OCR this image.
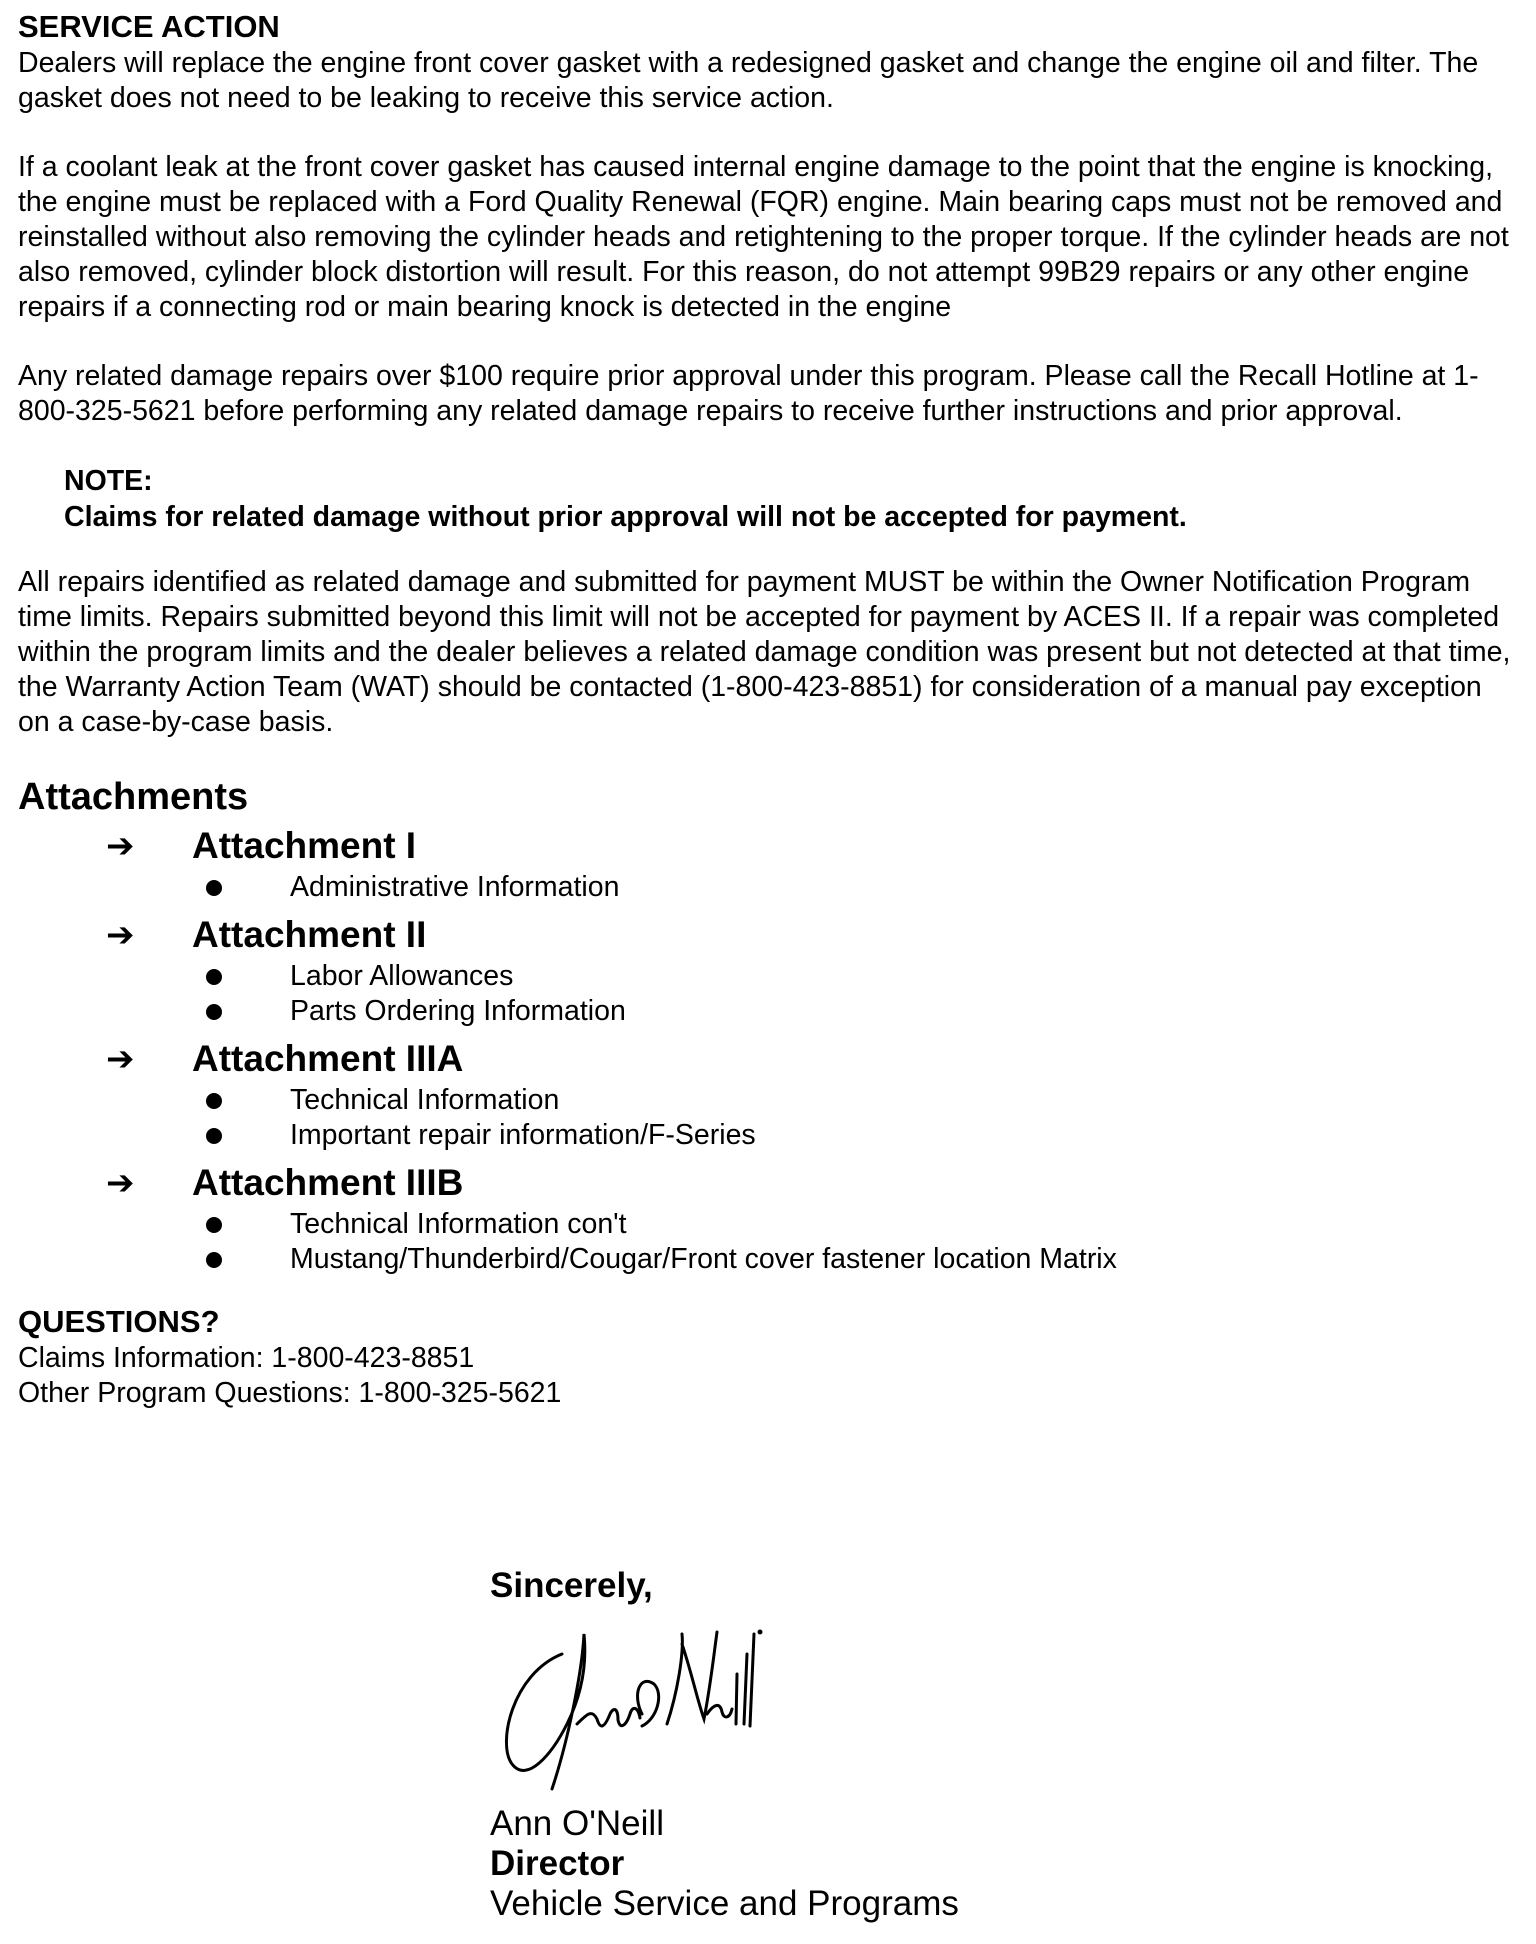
SERVICE ACTION

Dealers will replace the engine front cover gasket with a redesigned gasket and change the engine oil and filter. The gasket does not need to be leaking to receive this service action.

If a coolant leak at the front cover gasket has caused internal engine damage to the point that the engine is knocking, the engine must be replaced with a Ford Quality Renewal (FQR) engine. Main bearing caps must not be removed and reinstalled without also removing the cylinder heads and retightening to the proper torque. If the cylinder heads are not also removed, cylinder block distortion will result. For this reason, do not attempt 99B29 repairs or any other engine repairs if a connecting rod or main bearing knock is detected in the engine

Any related damage repairs over $100 require prior approval under this program. Please call the Recall Hotline at 1-800-325-5621 before performing any related damage repairs to receive further instructions and prior approval.

NOTE:
Claims for related damage without prior approval will not be accepted for payment.

All repairs identified as related damage and submitted for payment MUST be within the Owner Notification Program time limits. Repairs submitted beyond this limit will not be accepted for payment by ACES II. If a repair was completed within the program limits and the dealer believes a related damage condition was present but not detected at that time, the Warranty Action Team (WAT) should be contacted (1-800-423-8851) for consideration of a manual pay exception on a case-by-case basis.

Attachments
➔	Attachment I
Administrative Information
➔	Attachment II
Labor Allowances
Parts Ordering Information
➔	Attachment IIIA
Technical Information
Important repair information/F-Series
➔	Attachment IIIB
Technical Information con't
Mustang/Thunderbird/Cougar/Front cover fastener location Matrix
QUESTIONS?
Claims Information: 1-800-423-8851
Other Program Questions: 1-800-325-5621
Sincerely,
Ann O'Neill
Director
Vehicle Service and Programs
